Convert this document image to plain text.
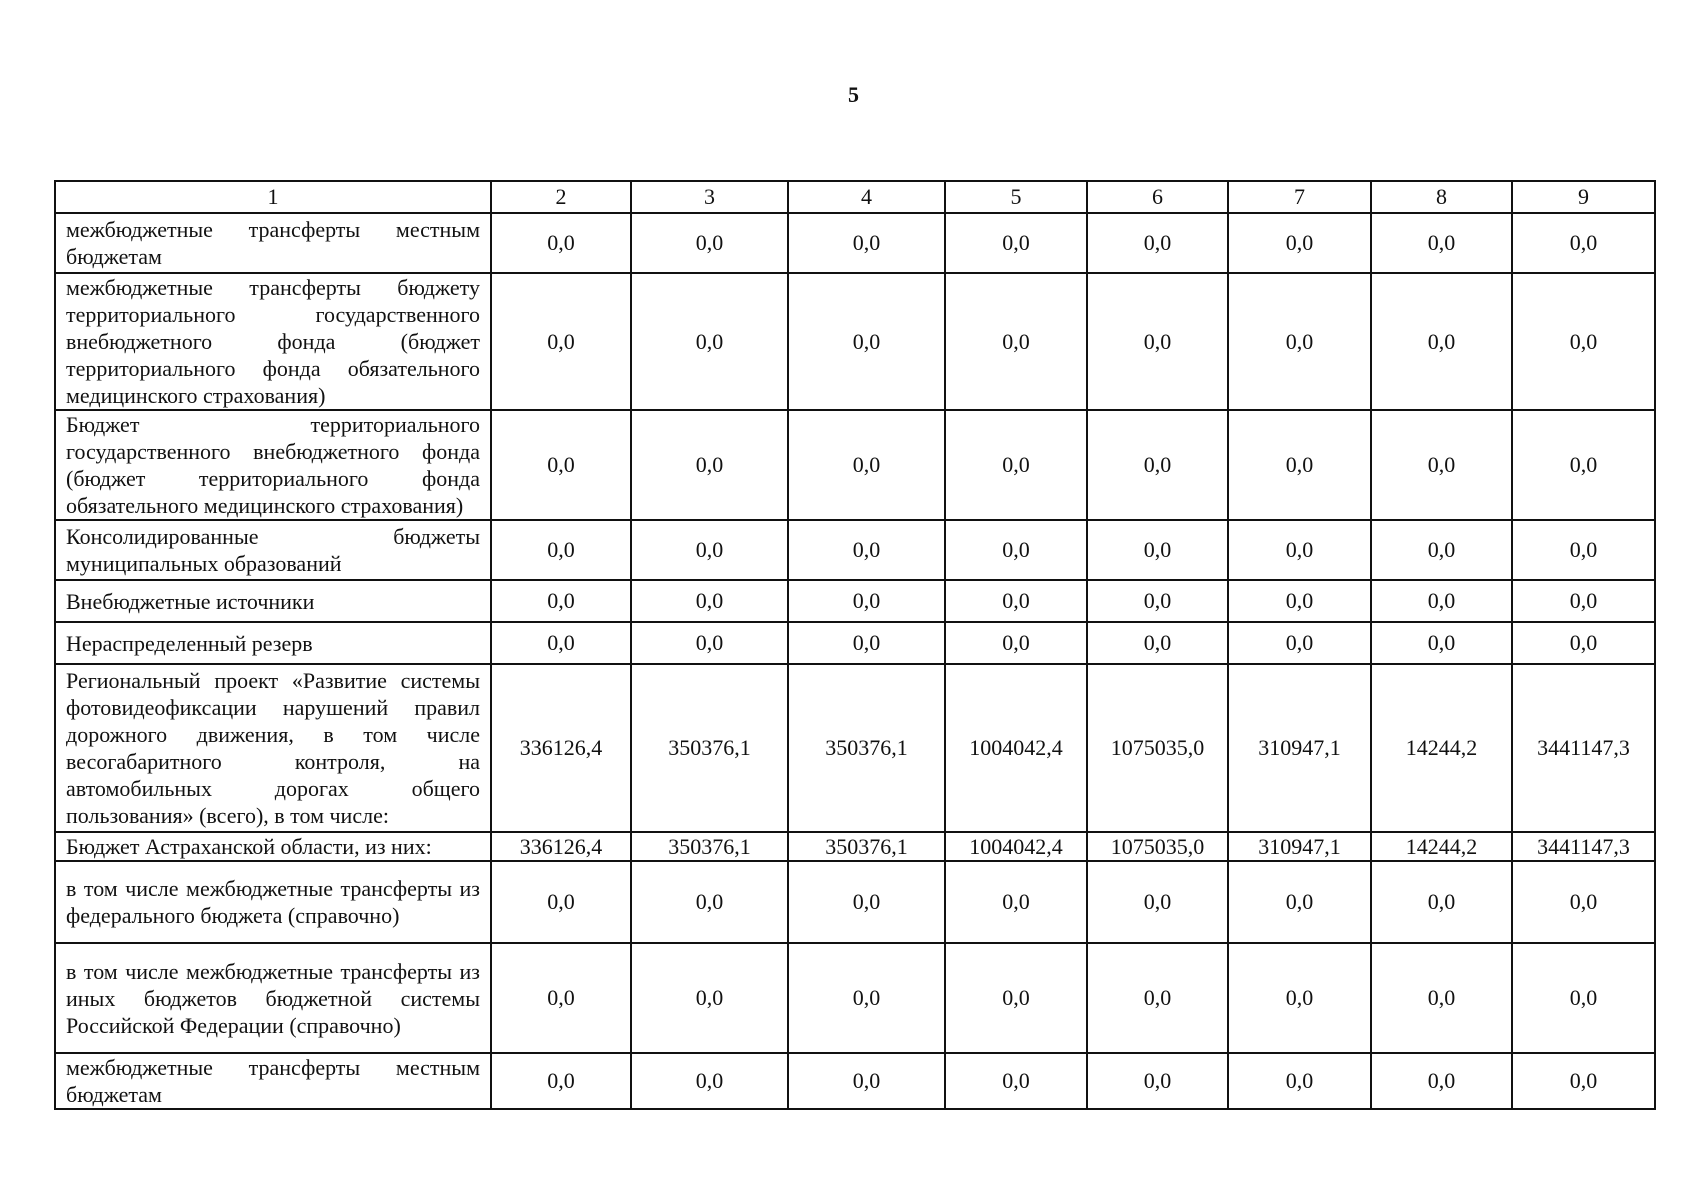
5
1	2	3	4	5	6	7	8	9
межбюджетные трансферты местным бюджетам	0,0	0,0	0,0	0,0	0,0	0,0	0,0	0,0
межбюджетные трансферты бюджету территориального государственного внебюджетного фонда (бюджет территориального фонда обязательного медицинского страхования)	0,0	0,0	0,0	0,0	0,0	0,0	0,0	0,0
Бюджет территориального государственного внебюджетного фонда (бюджет территориального фонда обязательного медицинского страхования)	0,0	0,0	0,0	0,0	0,0	0,0	0,0	0,0
Консолидированные бюджеты муниципальных образований	0,0	0,0	0,0	0,0	0,0	0,0	0,0	0,0
Внебюджетные источники	0,0	0,0	0,0	0,0	0,0	0,0	0,0	0,0
Нераспределенный резерв	0,0	0,0	0,0	0,0	0,0	0,0	0,0	0,0
Региональный проект «Развитие системы фотовидеофиксации нарушений правил дорожного движения, в том числе весогабаритного контроля, на автомобильных дорогах общего пользования» (всего), в том числе:	336126,4	350376,1	350376,1	1004042,4	1075035,0	310947,1	14244,2	3441147,3
Бюджет Астраханской области, из них:	336126,4	350376,1	350376,1	1004042,4	1075035,0	310947,1	14244,2	3441147,3
в том числе межбюджетные трансферты из федерального бюджета (справочно)	0,0	0,0	0,0	0,0	0,0	0,0	0,0	0,0
в том числе межбюджетные трансферты из иных бюджетов бюджетной системы Российской Федерации (справочно)	0,0	0,0	0,0	0,0	0,0	0,0	0,0	0,0
межбюджетные трансферты местным бюджетам	0,0	0,0	0,0	0,0	0,0	0,0	0,0	0,0
